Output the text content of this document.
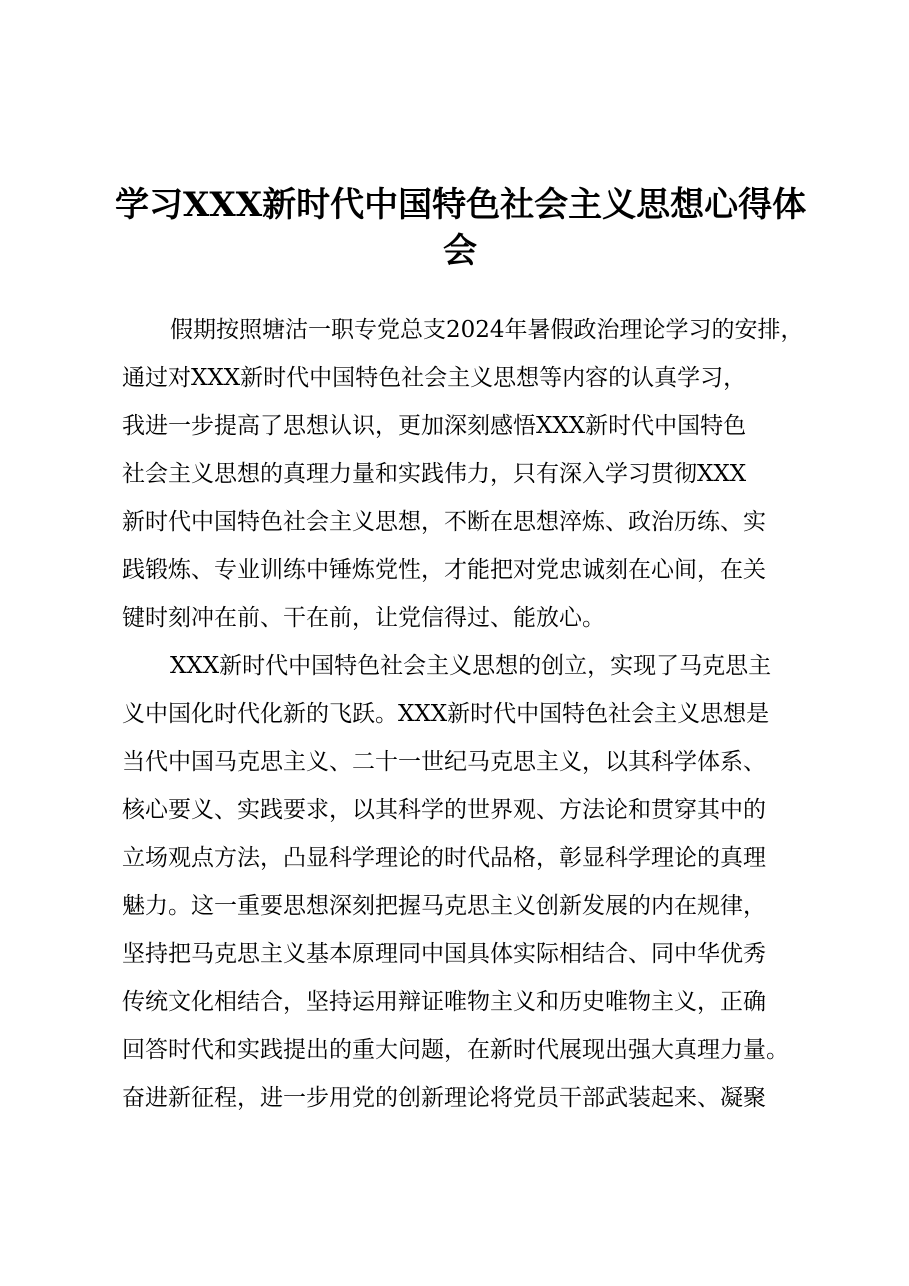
学习XXX新时代中国特色社会主义思想心得体
会
假期按照塘沽一职专党总支2024年暑假政治理论学习的安排，
通过对XXX新时代中国特色社会主义思想等内容的认真学习，
我进一步提高了思想认识，更加深刻感悟XXX新时代中国特色
社会主义思想的真理力量和实践伟力，只有深入学习贯彻XXX
新时代中国特色社会主义思想，不断在思想淬炼、政治历练、实
践锻炼、专业训练中锤炼党性，才能把对党忠诚刻在心间，在关
键时刻冲在前、干在前，让党信得过、能放心。
XXX新时代中国特色社会主义思想的创立，实现了马克思主
义中国化时代化新的飞跃。XXX新时代中国特色社会主义思想是
当代中国马克思主义、二十一世纪马克思主义，以其科学体系、
核心要义、实践要求，以其科学的世界观、方法论和贯穿其中的
立场观点方法，凸显科学理论的时代品格，彰显科学理论的真理
魅力。这一重要思想深刻把握马克思主义创新发展的内在规律，
坚持把马克思主义基本原理同中国具体实际相结合、同中华优秀
传统文化相结合，坚持运用辩证唯物主义和历史唯物主义，正确
回答时代和实践提出的重大问题，在新时代展现出强大真理力量。
奋进新征程，进一步用党的创新理论将党员干部武装起来、凝聚
